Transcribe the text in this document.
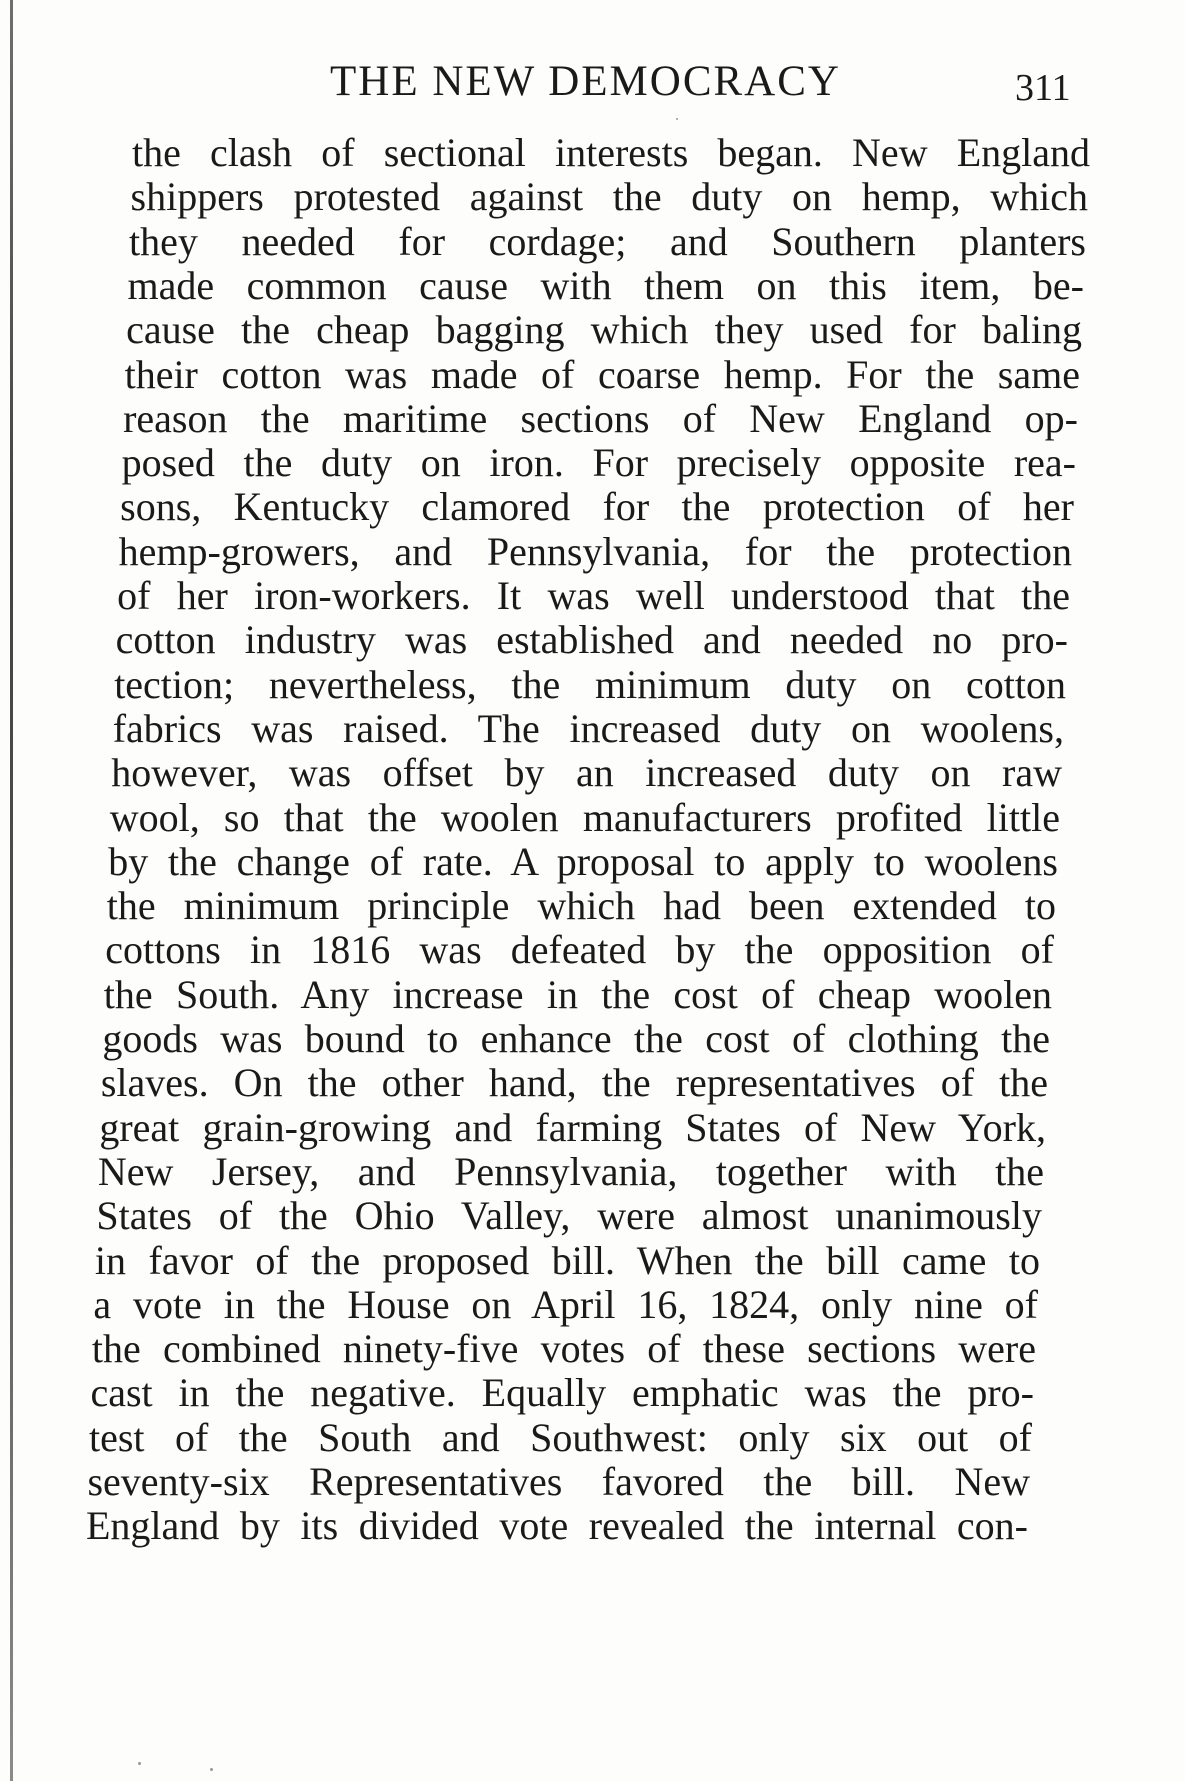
THE NEW DEMOCRACY	311
the clash of sectional interests began. New England
shippers protested against the duty on hemp, which
they needed for cordage; and Southern planters
made common cause with them on this item, be-
cause the cheap bagging which they used for baling
their cotton was made of coarse hemp. For the same
reason the maritime sections of New England op-
posed the duty on iron. For precisely opposite rea-
sons, Kentucky clamored for the protection of her
hemp-growers, and Pennsylvania, for the protection
of her iron-workers. It was well understood that the
cotton industry was established and needed no pro-
tection; nevertheless, the minimum duty on cotton
fabrics was raised. The increased duty on woolens,
however, was offset by an increased duty on raw
wool, so that the woolen manufacturers profited little
by the change of rate. A proposal to apply to woolens
the minimum principle which had been extended to
cottons in 1816 was defeated by the opposition of
the South. Any increase in the cost of cheap woolen
goods was bound to enhance the cost of clothing the
slaves. On the other hand, the representatives of the
great grain-growing and farming States of New York,
New Jersey, and Pennsylvania, together with the
States of the Ohio Valley, were almost unanimously
in favor of the proposed bill. When the bill came to
a vote in the House on April 16, 1824, only nine of
the combined ninety-five votes of these sections were
cast in the negative. Equally emphatic was the pro-
test of the South and Southwest: only six out of
seventy-six Representatives favored the bill. New
England by its divided vote revealed the internal con-
